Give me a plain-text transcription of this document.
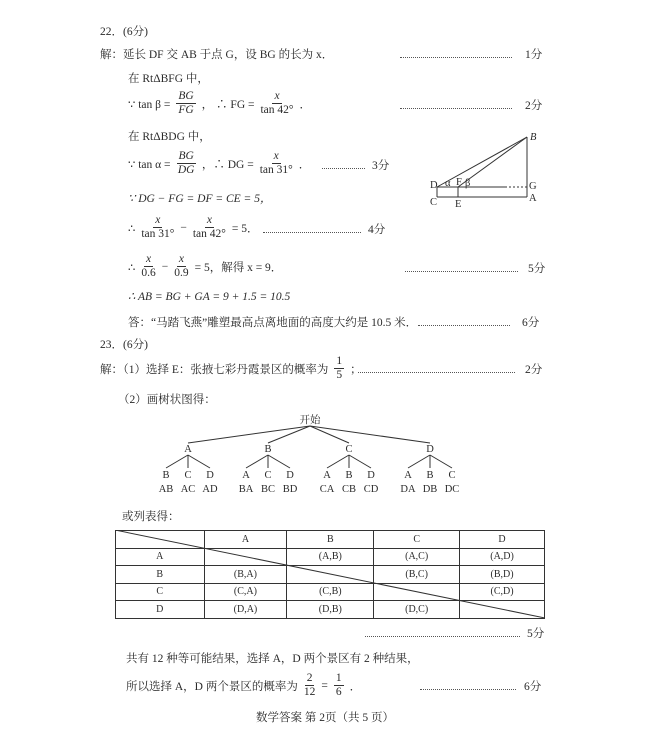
22．(6分)
解：延长 DF 交 AB 于点 G，设 BG 的长为 x．	1分
在 RtΔBFG 中，
∵ $\tan \beta = \frac{BG}{FG}$ ， ∴ FG = $\frac{x}{\tan 42^\circ}$ ．	2分
在 RtΔBDG 中，
∵ $\tan \alpha = \frac{BG}{DG}$ ，∴ DG = $\frac{x}{\tan 31^\circ}$ ．	3分
∵ DG − FG = DF = CE = 5，
∴ $\frac{x}{\tan 31^\circ} - \frac{x}{\tan 42^\circ} = 5$．	4分
∴ $\frac{x}{0.6} - \frac{x}{0.9} = 5$，解得 x = 9．	5分
∴ AB = BG + GA = 9 + 1.5 = 10.5
答：“马踏飞燕”雕塑最高点离地面的高度大约是 10.5 米．	6分
B
D	G
C	A
E
F
α β
23．(6分)
解：（1）选择 E：张掖七彩丹霞景区的概率为 $\frac{1}{5}$ ；	2分
（2）画树状图得：
开始
A
B
AB
C
AC
D
AD
B
A
BA
C
BC
D
BD
C
A
CA
B
CB
D
CD
D
A
DA
B
DB
C
DC
或列表得：
	A	B	C	D
A		(A,B)	(A,C)	(A,D)
B	(B,A)		(B,C)	(B,D)
C	(C,A)	(C,B)		(C,D)
D	(D,A)	(D,B)	(D,C)	
5分
共有 12 种等可能结果，选择 A，D 两个景区有 2 种结果，
所以选择 A，D 两个景区的概率为 $\frac{2}{12} = \frac{1}{6}$ ．	6分
数学答案 第 2页（共 5 页）
